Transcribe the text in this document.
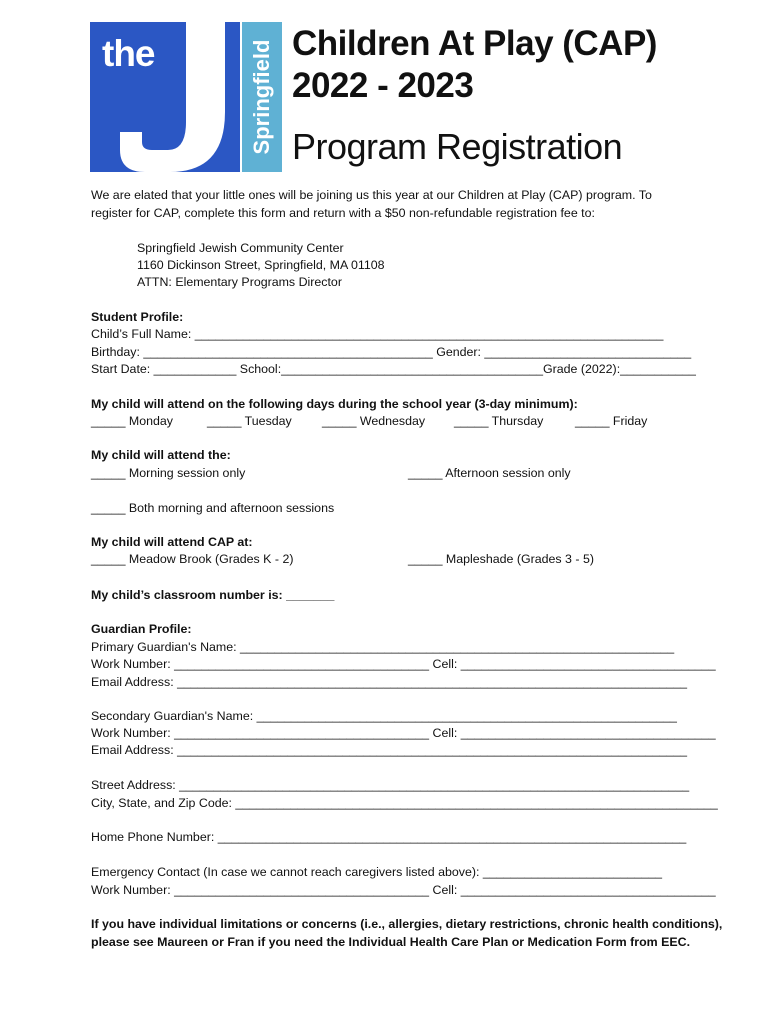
the	Springfield Children At Play (CAP)
2022 - 2023
Program Registration
We are elated that your little ones will be joining us this year at our Children at Play (CAP) program. To
register for CAP, complete this form and return with a $50 non-refundable registration fee to:
Springfield Jewish Community Center
1160 Dickinson Street, Springfield, MA 01108
ATTN: Elementary Programs Director
Student Profile:
Child’s Full Name: ____________________________________________________________________
Birthday: __________________________________________ Gender: ______________________________
Start Date: ____________ School:______________________________________Grade (2022):___________
My child will attend on the following days during the school year (3-day minimum):
_____ Monday	_____ Tuesday _____ Wednesday _____ Thursday	_____ Friday
My child will attend the:
_____ Morning session only	_____ Afternoon session only
_____ Both morning and afternoon sessions
My child will attend CAP at:
_____ Meadow Brook (Grades K - 2)	_____ Mapleshade (Grades 3 - 5)
My child’s classroom number is: _______
Guardian Profile:
Primary Guardian's Name: _______________________________________________________________
Work Number: _____________________________________ Cell: _____________________________________
Email Address: __________________________________________________________________________
Secondary Guardian's Name: _____________________________________________________________
Work Number: _____________________________________ Cell: _____________________________________
Email Address: __________________________________________________________________________
Street Address: __________________________________________________________________________
City, State, and Zip Code: ______________________________________________________________________
Home Phone Number: ____________________________________________________________________
Emergency Contact (In case we cannot reach caregivers listed above): __________________________
Work Number: _____________________________________ Cell: _____________________________________
If you have individual limitations or concerns (i.e., allergies, dietary restrictions, chronic health conditions),
please see Maureen or Fran if you need the Individual Health Care Plan or Medication Form from EEC.
